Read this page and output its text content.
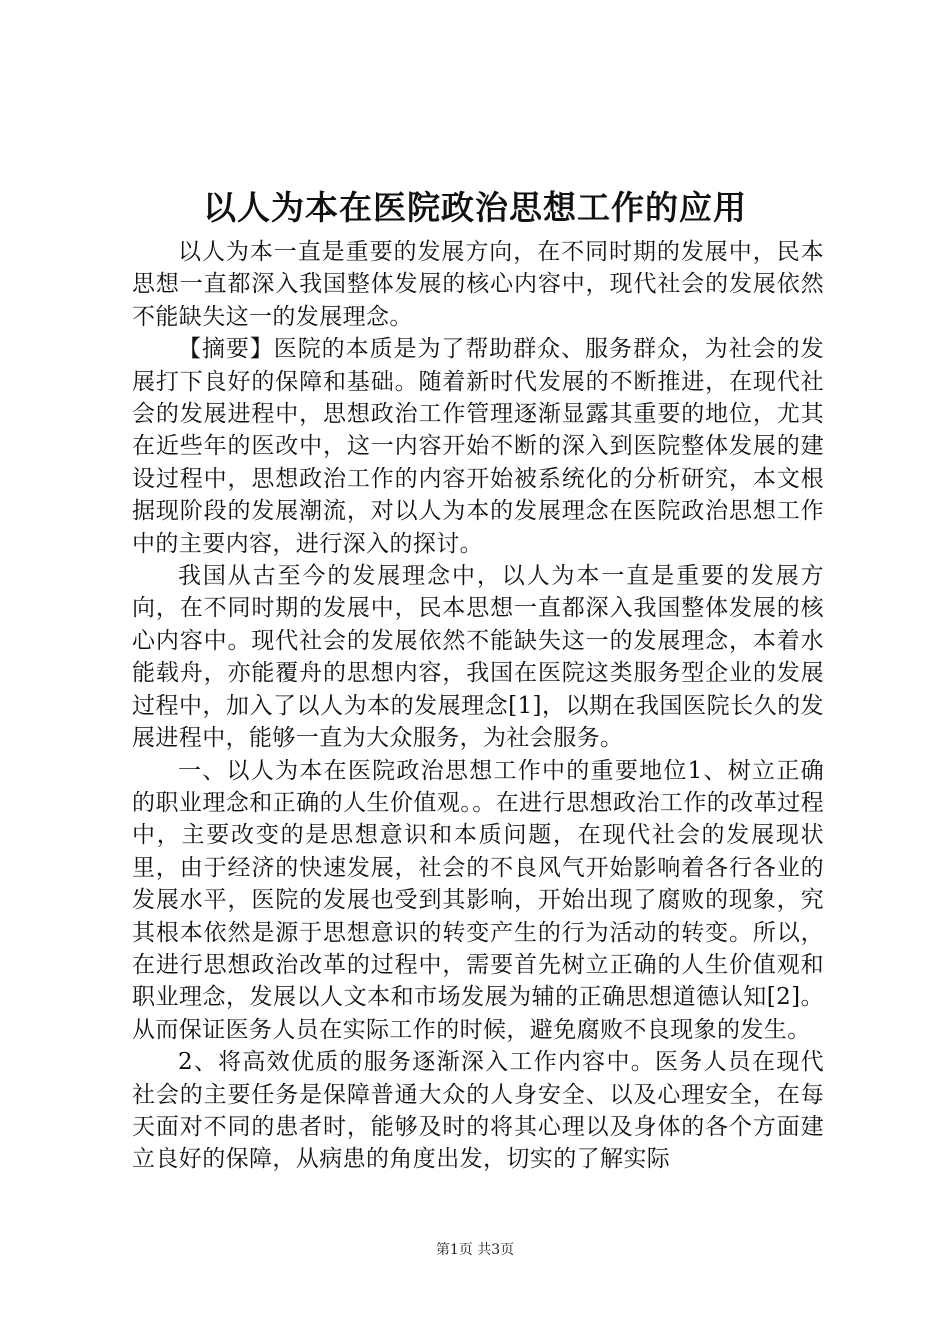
以人为本在医院政治思想工作的应用

以人为本一直是重要的发展方向，在不同时期的发展中，民本思想一直都深入我国整体发展的核心内容中，现代社会的发展依然不能缺失这一的发展理念。

【摘要】医院的本质是为了帮助群众、服务群众，为社会的发展打下良好的保障和基础。随着新时代发展的不断推进，在现代社会的发展进程中，思想政治工作管理逐渐显露其重要的地位，尤其在近些年的医改中，这一内容开始不断的深入到医院整体发展的建设过程中，思想政治工作的内容开始被系统化的分析研究，本文根据现阶段的发展潮流，对以人为本的发展理念在医院政治思想工作中的主要内容，进行深入的探讨。

我国从古至今的发展理念中，以人为本一直是重要的发展方向，在不同时期的发展中，民本思想一直都深入我国整体发展的核心内容中。现代社会的发展依然不能缺失这一的发展理念，本着水能载舟，亦能覆舟的思想内容，我国在医院这类服务型企业的发展过程中，加入了以人为本的发展理念[1]，以期在我国医院长久的发展进程中，能够一直为大众服务，为社会服务。

一、以人为本在医院政治思想工作中的重要地位1、树立正确的职业理念和正确的人生价值观。。在进行思想政治工作的改革过程中，主要改变的是思想意识和本质问题，在现代社会的发展现状里，由于经济的快速发展，社会的不良风气开始影响着各行各业的发展水平，医院的发展也受到其影响，开始出现了腐败的现象，究其根本依然是源于思想意识的转变产生的行为活动的转变。所以，在进行思想政治改革的过程中，需要首先树立正确的人生价值观和职业理念，发展以人文本和市场发展为辅的正确思想道德认知[2]。从而保证医务人员在实际工作的时候，避免腐败不良现象的发生。

2、将高效优质的服务逐渐深入工作内容中。医务人员在现代社会的主要任务是保障普通大众的人身安全、以及心理安全，在每天面对不同的患者时，能够及时的将其心理以及身体的各个方面建立良好的保障，从病患的角度出发，切实的了解实际

第1页 共3页
